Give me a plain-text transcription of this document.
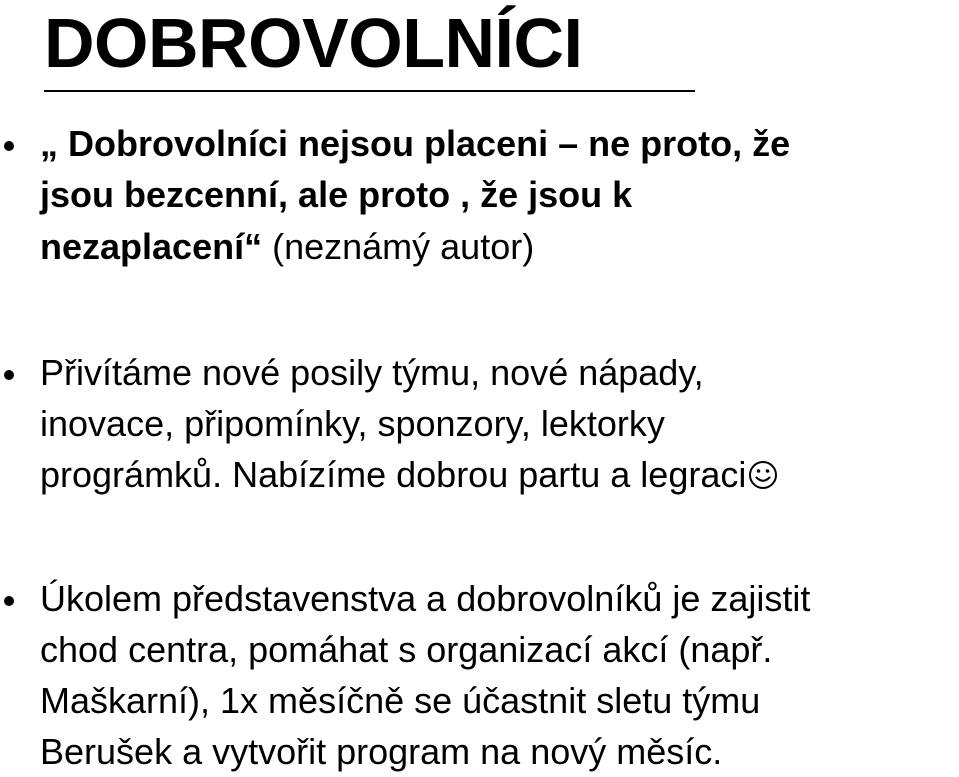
DOBROVOLNÍCI
„ Dobrovolníci nejsou placeni – ne proto, že
jsou bezcenní, ale proto , že jsou k
nezaplacení“ (neznámý autor)
Přivítáme nové posily týmu, nové nápady,
inovace, připomínky, sponzory, lektorky
prográmků. Nabízíme dobrou partu a legraci
Úkolem představenstva a dobrovolníků je zajistit
chod centra, pomáhat s organizací akcí (např.
Maškarní), 1x měsíčně se účastnit sletu týmu
Berušek a vytvořit program na nový měsíc.
